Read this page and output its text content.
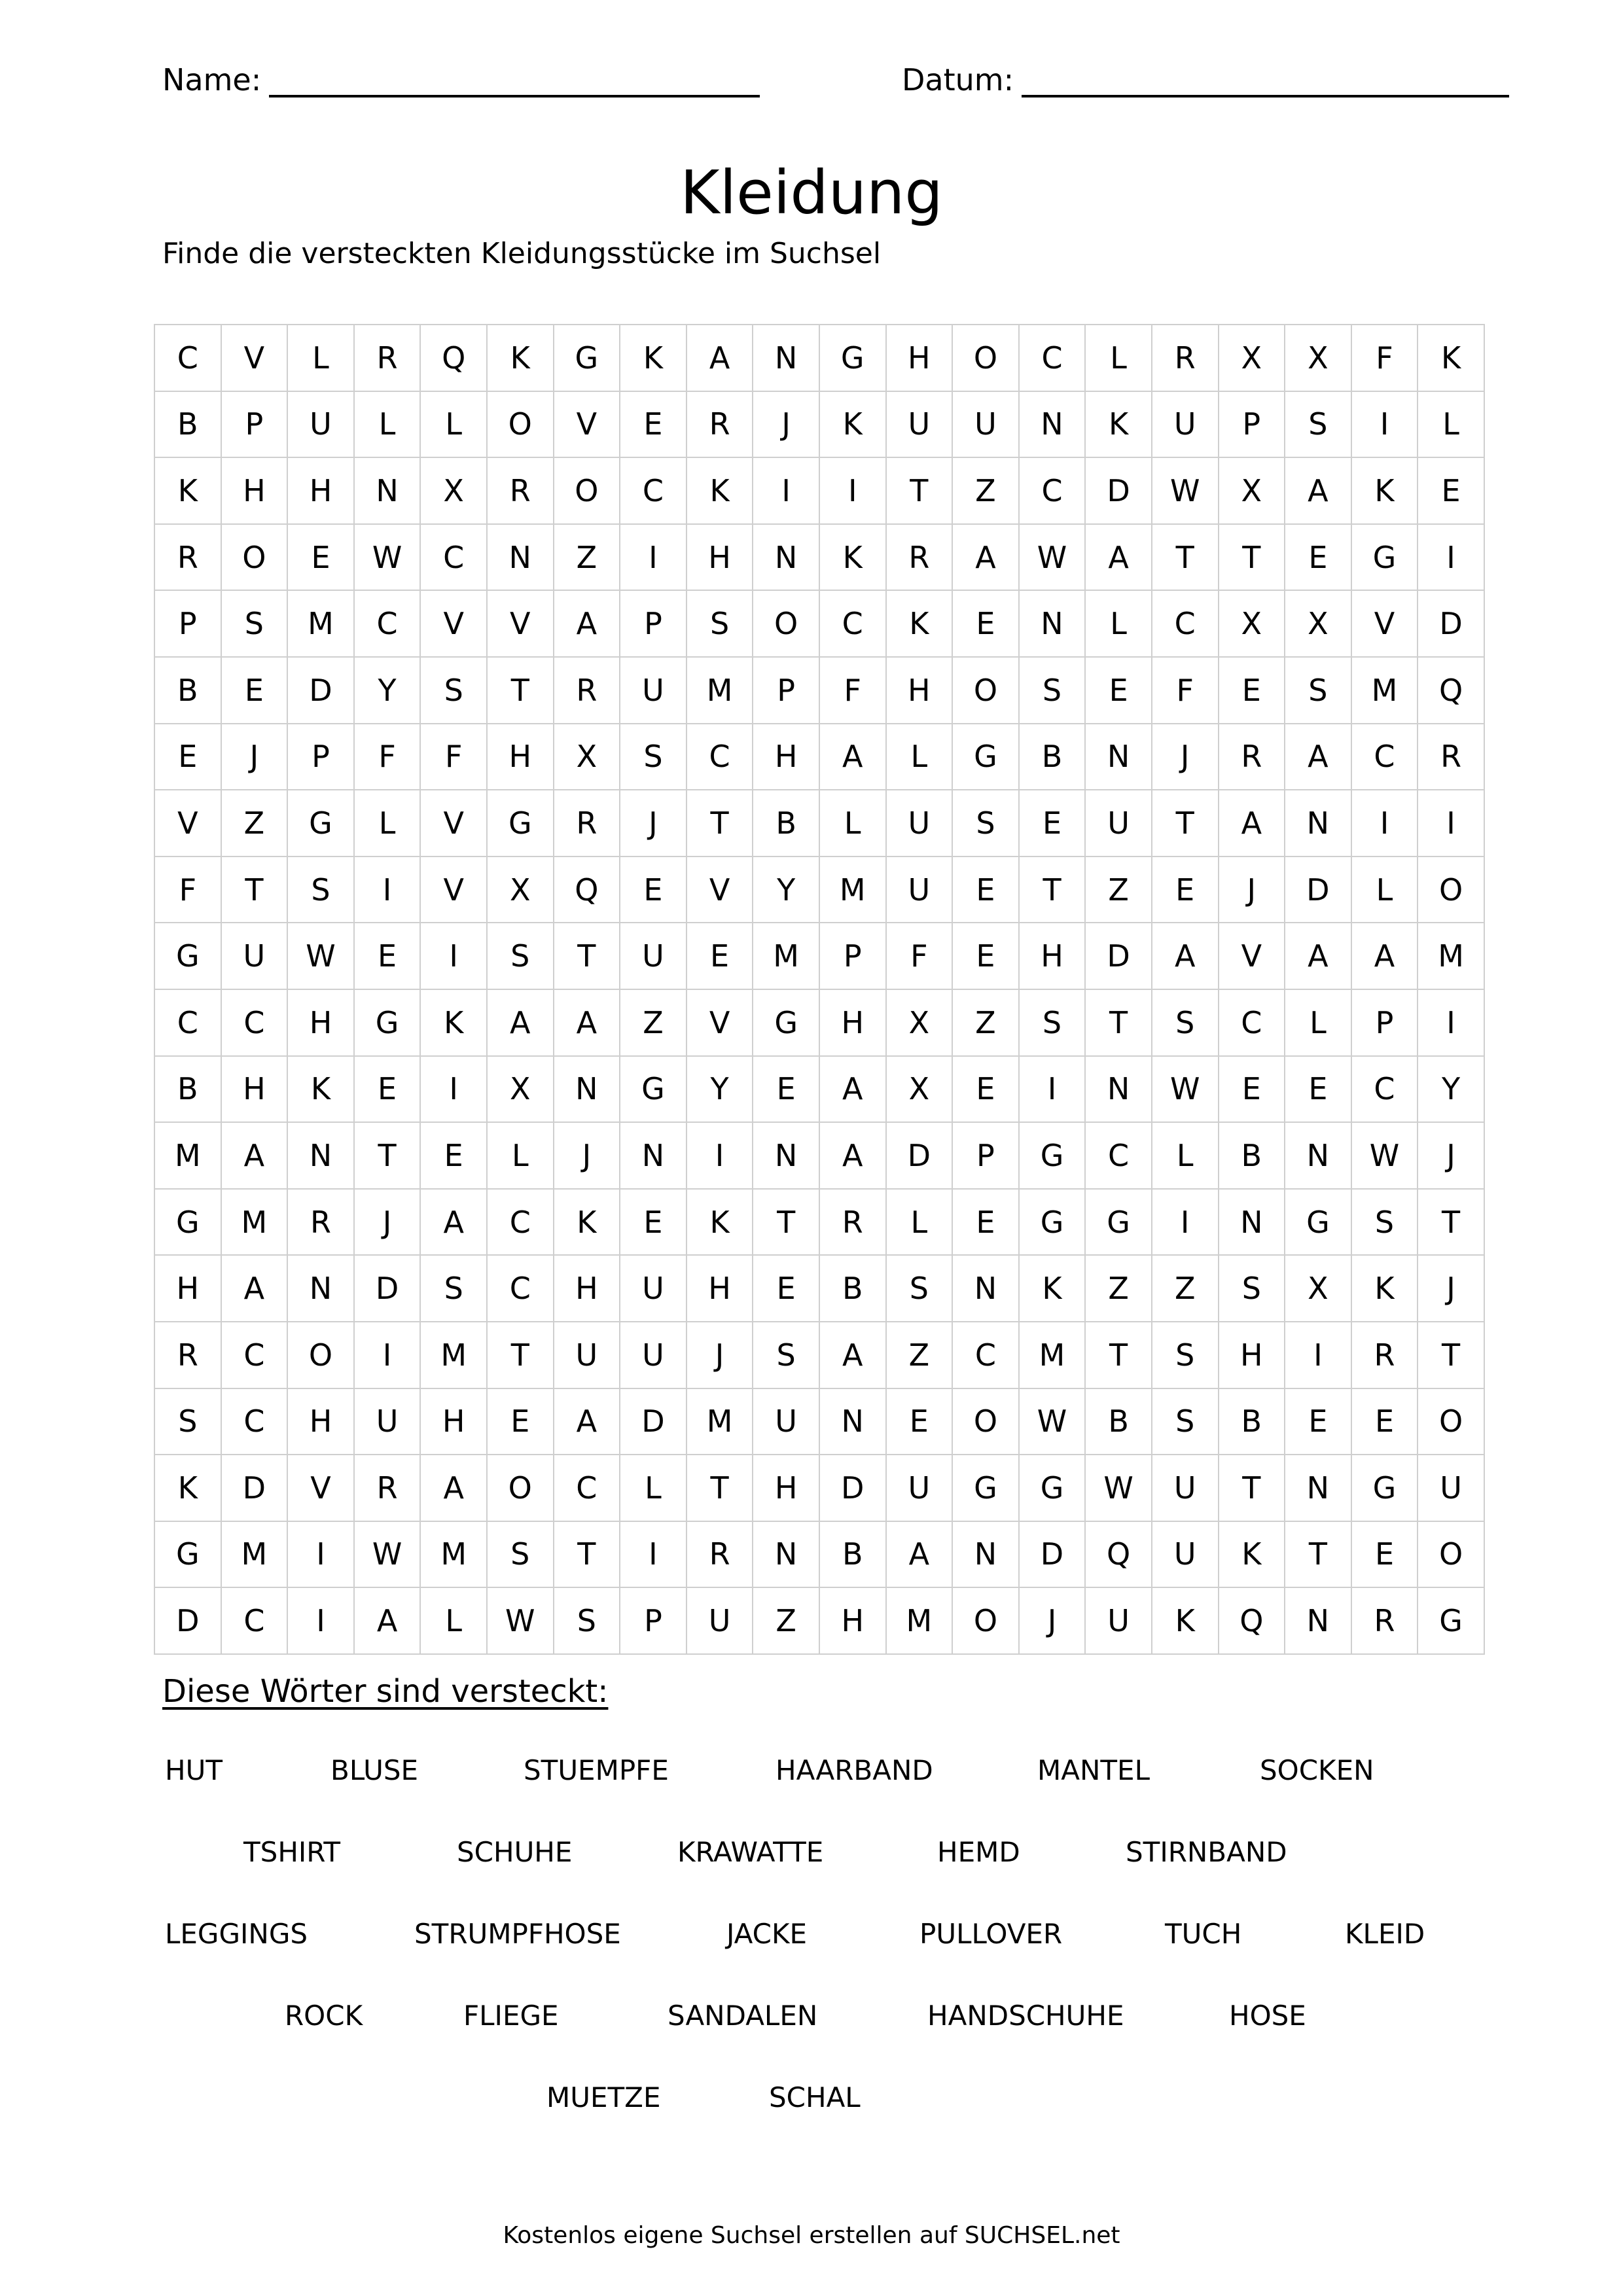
Name:	Datum:
Kleidung
Finde die versteckten Kleidungsstücke im Suchsel
C	V	L	R	Q	K	G	K	A	N	G	H	O	C	L	R	X	X	F	K
B	P	U	L	L	O	V	E	R	J	K	U	U	N	K	U	P	S	I	L
K	H	H	N	X	R	O	C	K	I	I	T	Z	C	D	W	X	A	K	E
R	O	E	W	C	N	Z	I	H	N	K	R	A	W	A	T	T	E	G	I
P	S	M	C	V	V	A	P	S	O	C	K	E	N	L	C	X	X	V	D
B	E	D	Y	S	T	R	U	M	P	F	H	O	S	E	F	E	S	M	Q
E	J	P	F	F	H	X	S	C	H	A	L	G	B	N	J	R	A	C	R
V	Z	G	L	V	G	R	J	T	B	L	U	S	E	U	T	A	N	I	I
F	T	S	I	V	X	Q	E	V	Y	M	U	E	T	Z	E	J	D	L	O
G	U	W	E	I	S	T	U	E	M	P	F	E	H	D	A	V	A	A	M
C	C	H	G	K	A	A	Z	V	G	H	X	Z	S	T	S	C	L	P	I
B	H	K	E	I	X	N	G	Y	E	A	X	E	I	N	W	E	E	C	Y
M	A	N	T	E	L	J	N	I	N	A	D	P	G	C	L	B	N	W	J
G	M	R	J	A	C	K	E	K	T	R	L	E	G	G	I	N	G	S	T
H	A	N	D	S	C	H	U	H	E	B	S	N	K	Z	Z	S	X	K	J
R	C	O	I	M	T	U	U	J	S	A	Z	C	M	T	S	H	I	R	T
S	C	H	U	H	E	A	D	M	U	N	E	O	W	B	S	B	E	E	O
K	D	V	R	A	O	C	L	T	H	D	U	G	G	W	U	T	N	G	U
G	M	I	W	M	S	T	I	R	N	B	A	N	D	Q	U	K	T	E	O
D	C	I	A	L	W	S	P	U	Z	H	M	O	J	U	K	Q	N	R	G
Diese Wörter sind versteckt:
HUT	BLUSE	STUEMPFE	HAARBAND	MANTEL	SOCKEN
TSHIRT	SCHUHE	KRAWATTE	HEMD	STIRNBAND
LEGGINGS	STRUMPFHOSE	JACKE	PULLOVER	TUCH	KLEID
ROCK	FLIEGE	SANDALEN	HANDSCHUHE	HOSE
MUETZE	SCHAL
Kostenlos eigene Suchsel erstellen auf SUCHSEL.net
